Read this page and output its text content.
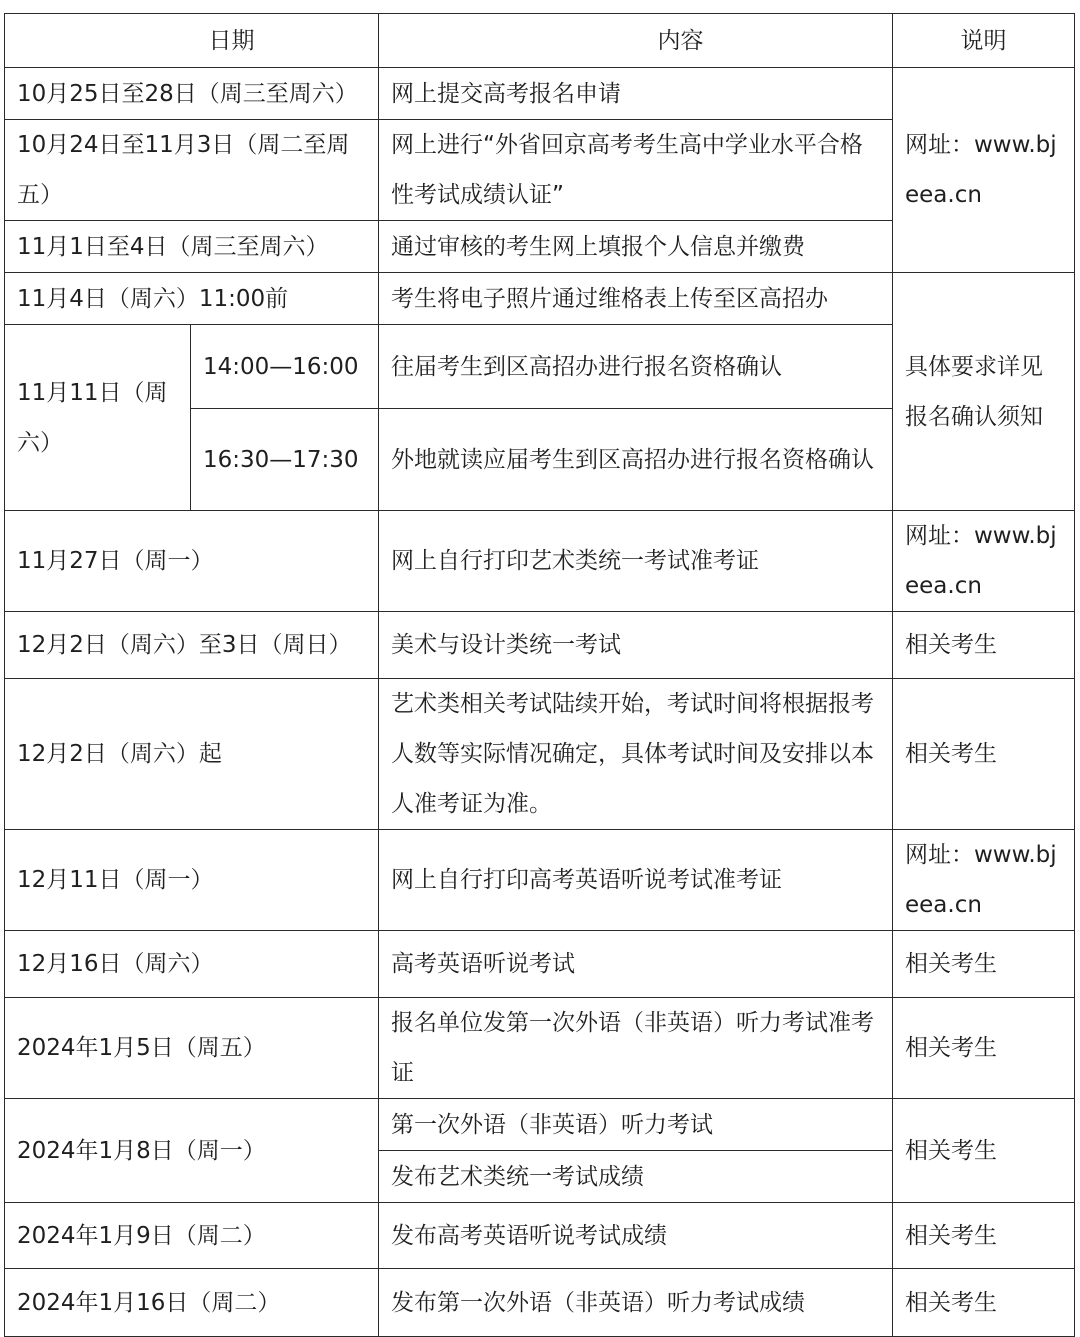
日期		内容	说明
10月25日至28日（周三至周六）		网上提交高考报名申请	网址：www.bjeea.cn
10月24日至11月3日（周二至周五）		网上进行“外省回京高考考生高中学业水平合格性考试成绩认证”	
11月1日至4日（周三至周六）		通过审核的考生网上填报个人信息并缴费	
11月4日（周六）11:00前		考生将电子照片通过维格表上传至区高招办	具体要求详见报名确认须知
11月11日（周六）	14:00—16:00	往届考生到区高招办进行报名资格确认	
	16:30—17:30	外地就读应届考生到区高招办进行报名资格确认	
11月27日（周一）		网上自行打印艺术类统一考试准考证	网址：www.bjeea.cn
12月2日（周六）至3日（周日）		美术与设计类统一考试	相关考生
12月2日（周六）起		艺术类相关考试陆续开始，考试时间将根据报考人数等实际情况确定，具体考试时间及安排以本人准考证为准。	相关考生
12月11日（周一）		网上自行打印高考英语听说考试准考证	网址：www.bjeea.cn
12月16日（周六）		高考英语听说考试	相关考生
2024年1月5日（周五）		报名单位发第一次外语（非英语）听力考试准考证	相关考生
2024年1月8日（周一）		第一次外语（非英语）听力考试	相关考生
		发布艺术类统一考试成绩	
2024年1月9日（周二）		发布高考英语听说考试成绩	相关考生
2024年1月16日（周二）		发布第一次外语（非英语）听力考试成绩	相关考生
